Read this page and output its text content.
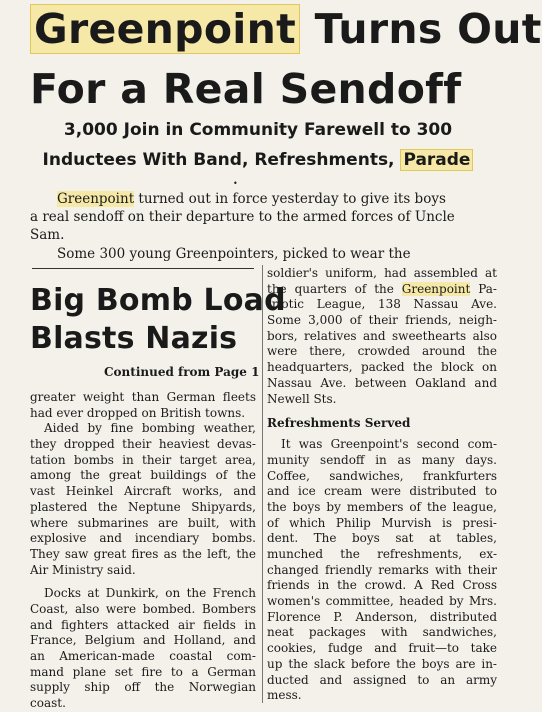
Greenpoint Turns Out
For a Real Sendoff
3,000 Join in Community Farewell to 300
Inductees With Band, Refreshments, Parade
•
Greenpoint turned out in force yesterday to give its boys
a real sendoff on their departure to the armed forces of Uncle
Sam.
Some 300 young Greenpointers, picked to wear the
Big Bomb Load
Blasts Nazis
Continued from Page 1
greater weight than German fleets
had ever dropped on British towns.
Aided by fine bombing weather,
they dropped their heaviest devas-
tation bombs in their target area,
among the great buildings of the
vast Heinkel Aircraft works, and
plastered the Neptune Shipyards,
where submarines are built, with
explosive and incendiary bombs.
They saw great fires as the left, the
Air Ministry said.
Docks at Dunkirk, on the French
Coast, also were bombed. Bombers
and fighters attacked air fields in
France, Belgium and Holland, and
an American-made coastal com-
mand plane set fire to a German
supply ship off the Norwegian
coast.
soldier's uniform, had assembled at
the quarters of the Greenpoint Pa-
triotic League, 138 Nassau Ave.
Some 3,000 of their friends, neigh-
bors, relatives and sweethearts also
were there, crowded around the
headquarters, packed the block on
Nassau Ave. between Oakland and
Newell Sts.
Refreshments Served
It was Greenpoint's second com-
munity sendoff in as many days.
Coffee, sandwiches, frankfurters
and ice cream were distributed to
the boys by members of the league,
of which Philip Murvish is presi-
dent. The boys sat at tables,
munched the refreshments, ex-
changed friendly remarks with their
friends in the crowd. A Red Cross
women's committee, headed by Mrs.
Florence P. Anderson, distributed
neat packages with sandwiches,
cookies, fudge and fruit—to take
up the slack before the boys are in-
ducted and assigned to an army
mess.
